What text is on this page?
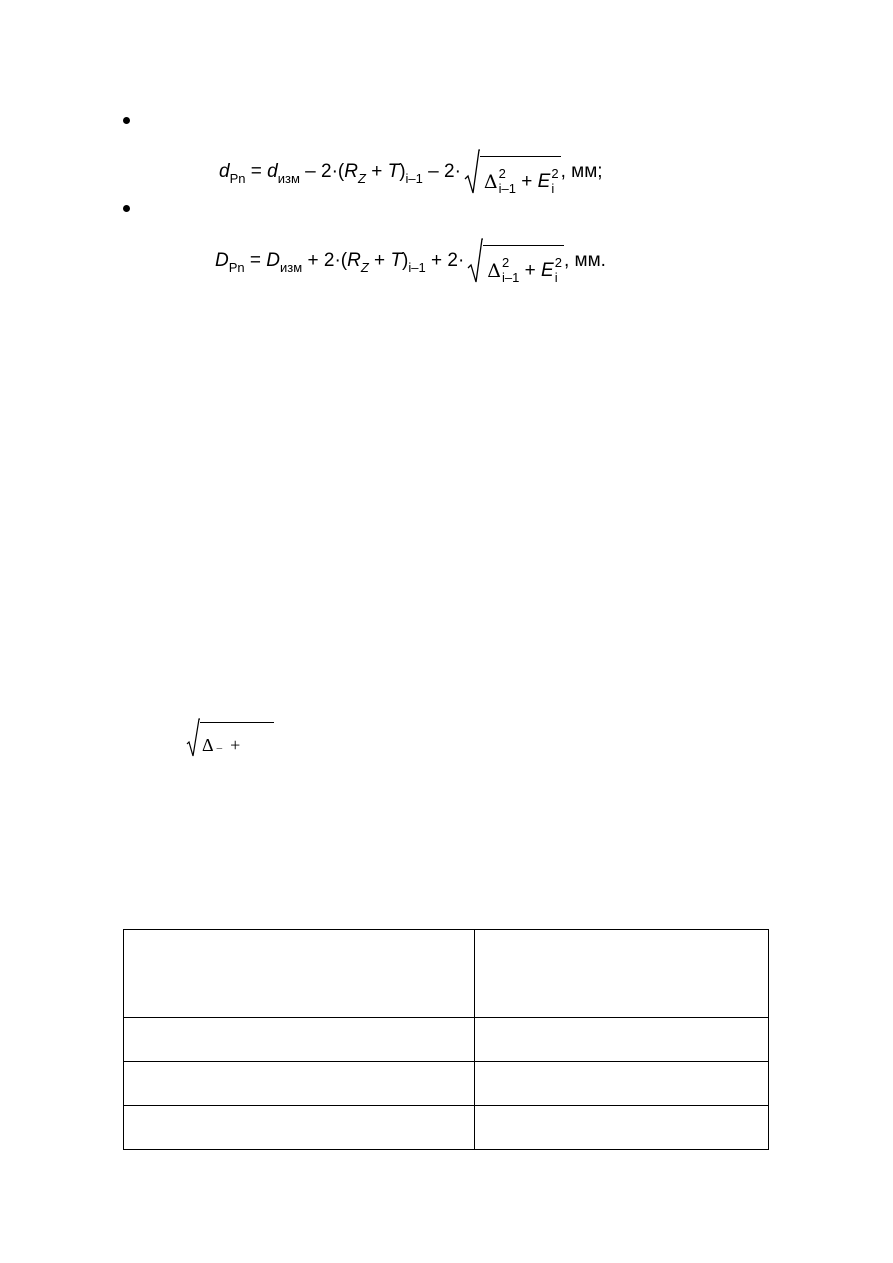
d Pn = d изм – 2 ·( R Z + T ) i–1 – 2 · Δ 2
i–1 + E 2
i
, мм;
D Pn = D изм + 2 ·( R Z + T ) i–1 + 2 · Δ 2
i–1 + E 2
i
, мм.
Δ – +
